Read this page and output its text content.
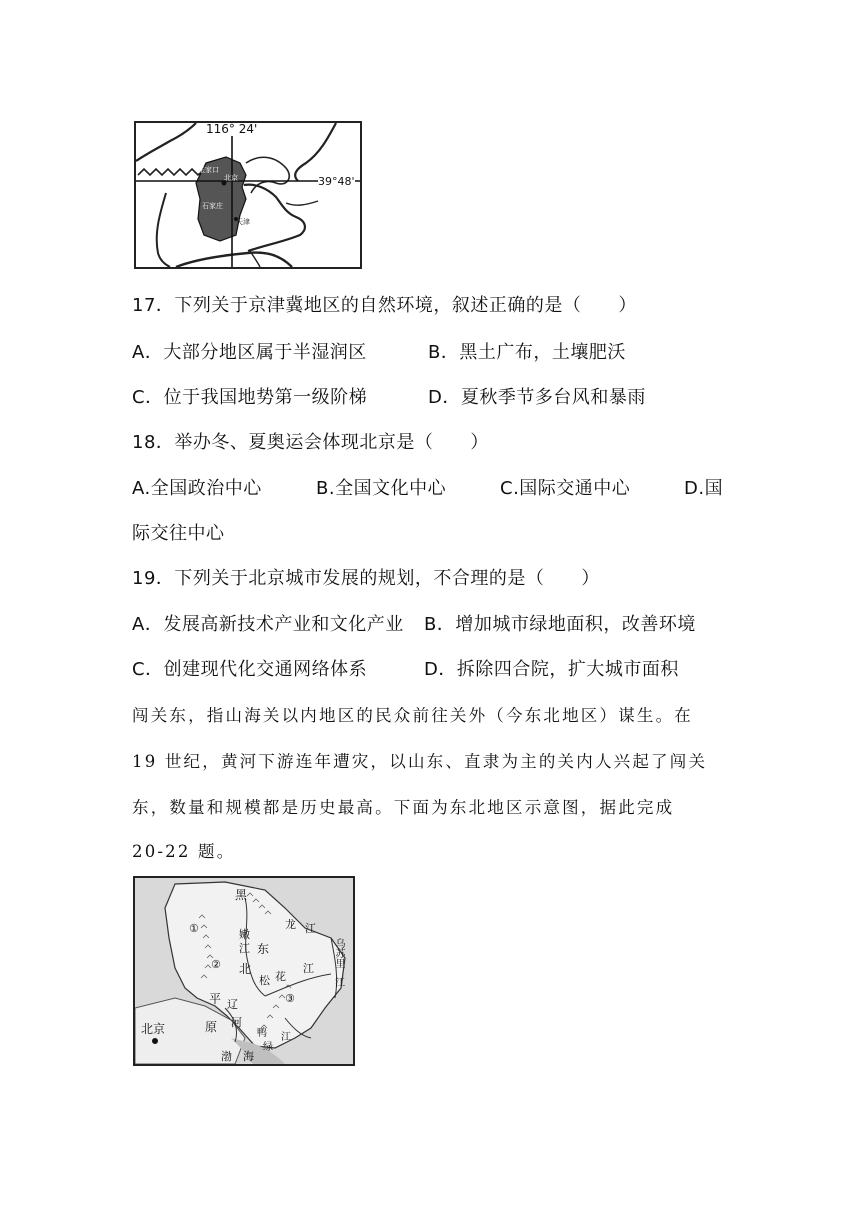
116° 24'
39°48'
张家口
北京
天津
石家庄
17．下列关于京津冀地区的自然环境，叙述正确的是（　　）
A．大部分地区属于半湿润区	B．黑土广布，土壤肥沃
C．位于我国地势第一级阶梯	D．夏秋季节多台风和暴雨
18．举办冬、夏奥运会体现北京是（　　）
A.全国政治中心	B.全国文化中心	C.国际交通中心	D.国
际交往中心
19．下列关于北京城市发展的规划，不合理的是（　　）
A．发展高新技术产业和文化产业 B．增加城市绿地面积，改善环境
C．创建现代化交通网络体系	D．拆除四合院，扩大城市面积
闯关东，指山海关以内地区的民众前往关外（今东北地区）谋生。在
19 世纪，黄河下游连年遭灾，以山东、直隶为主的关内人兴起了闯关
东，数量和规模都是历史最高。下面为东北地区示意图，据此完成
20-22 题。
黑
龙 江
嫩
江 东
北	江
松 花
乌苏里
江
平 辽
原 河
鸭
绿
江
渤 海
北京
①
②
③
